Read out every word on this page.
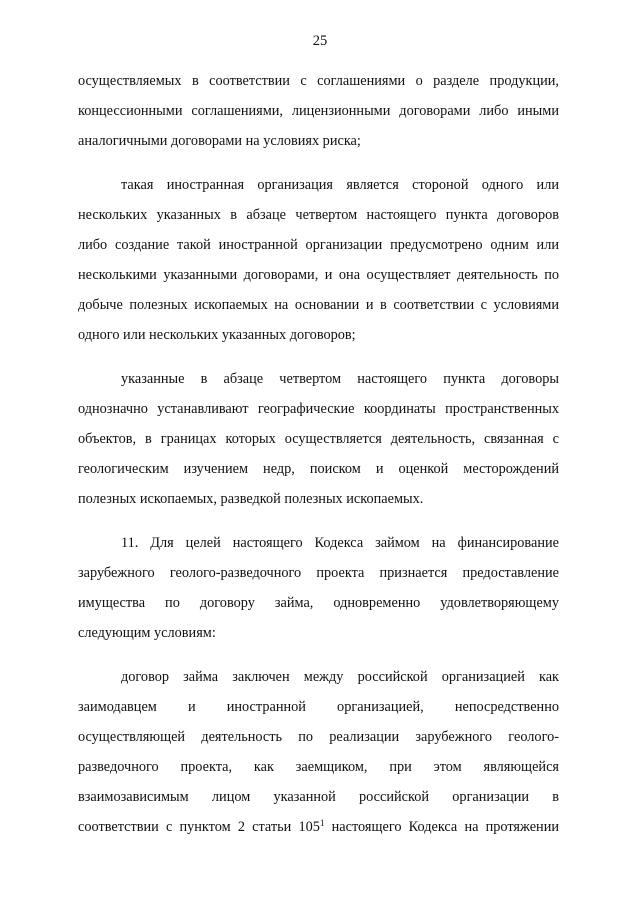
25
осуществляемых в соответствии с соглашениями о разделе продукции,
концессионными соглашениями, лицензионными договорами либо иными
аналогичными договорами на условиях риска;
такая иностранная организация является стороной одного или
нескольких указанных в абзаце четвертом настоящего пункта договоров
либо создание такой иностранной организации предусмотрено одним или
несколькими указанными договорами, и она осуществляет деятельность по
добыче полезных ископаемых на основании и в соответствии с условиями
одного или нескольких указанных договоров;
указанные в абзаце четвертом настоящего пункта договоры
однозначно устанавливают географические координаты пространственных
объектов, в границах которых осуществляется деятельность, связанная с
геологическим изучением недр, поиском и оценкой месторождений
полезных ископаемых, разведкой полезных ископаемых.
11. Для целей настоящего Кодекса займом на финансирование
зарубежного геолого-разведочного проекта признается предоставление
имущества по договору займа, одновременно удовлетворяющему
следующим условиям:
договор займа заключен между российской организацией как
заимодавцем и иностранной организацией, непосредственно
осуществляющей деятельность по реализации зарубежного геолого-
разведочного проекта, как заемщиком, при этом являющейся
взаимозависимым лицом указанной российской организации в
соответствии с пунктом 2 статьи $105^1$ настоящего Кодекса на протяжении
